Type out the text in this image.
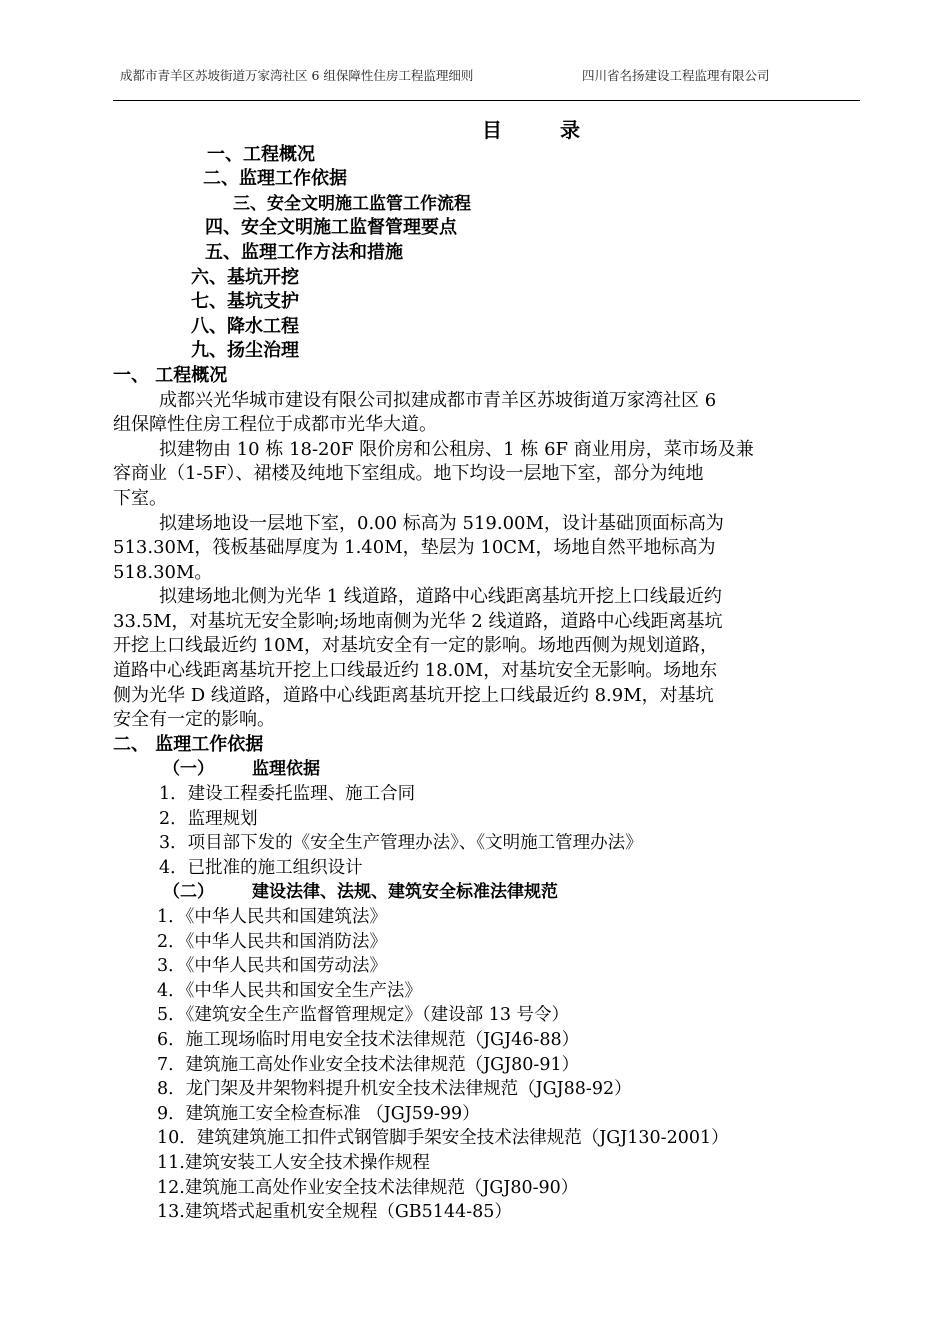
成都市青羊区苏坡街道万家湾社区 6 组保障性住房工程监理细则	四川省名扬建设工程监理有限公司
目	录
一、工程概况
二、监理工作依据
三、安全文明施工监管工作流程
四、安全文明施工监督管理要点
五、监理工作方法和措施
六、基坑开挖
七、基坑支护
八、降水工程
九、扬尘治理
一、 工程概况
成都兴光华城市建设有限公司拟建成都市青羊区苏坡街道万家湾社区 6
组保障性住房工程位于成都市光华大道。
拟建物由 10 栋 18-20F 限价房和公租房、1 栋 6F 商业用房，菜市场及兼
容商业（1-5F）、裙楼及纯地下室组成。地下均设一层地下室，部分为纯地
下室。
拟建场地设一层地下室，0.00 标高为 519.00M，设计基础顶面标高为
513.30M，筏板基础厚度为 1.40M，垫层为 10CM，场地自然平地标高为
518.30M。
拟建场地北侧为光华 1 线道路，道路中心线距离基坑开挖上口线最近约
33.5M，对基坑无安全影响;场地南侧为光华 2 线道路，道路中心线距离基坑
开挖上口线最近约 10M，对基坑安全有一定的影响。场地西侧为规划道路，
道路中心线距离基坑开挖上口线最近约 18.0M，对基坑安全无影响。场地东
侧为光华 D 线道路，道路中心线距离基坑开挖上口线最近约 8.9M，对基坑
安全有一定的影响。
二、 监理工作依据
（一） 监理依据
1．建设工程委托监理、施工合同
2．监理规划
3．项目部下发的《安全生产管理办法》、《文明施工管理办法》
4．已批准的施工组织设计
（二） 建设法律、法规、建筑安全标准法律规范
1．《中华人民共和国建筑法》
2．《中华人民共和国消防法》
3．《中华人民共和国劳动法》
4．《中华人民共和国安全生产法》
5．《建筑安全生产监督管理规定》（建设部 13 号令）
6．施工现场临时用电安全技术法律规范（JGJ46-88）
7．建筑施工高处作业安全技术法律规范（JGJ80-91）
8．龙门架及井架物料提升机安全技术法律规范（JGJ88-92）
9．建筑施工安全检查标准 （JGJ59-99）
10．建筑建筑施工扣件式钢管脚手架安全技术法律规范（JGJ130-2001）
11.建筑安装工人安全技术操作规程
12.建筑施工高处作业安全技术法律规范（JGJ80-90）
13.建筑塔式起重机安全规程（GB5144-85）
